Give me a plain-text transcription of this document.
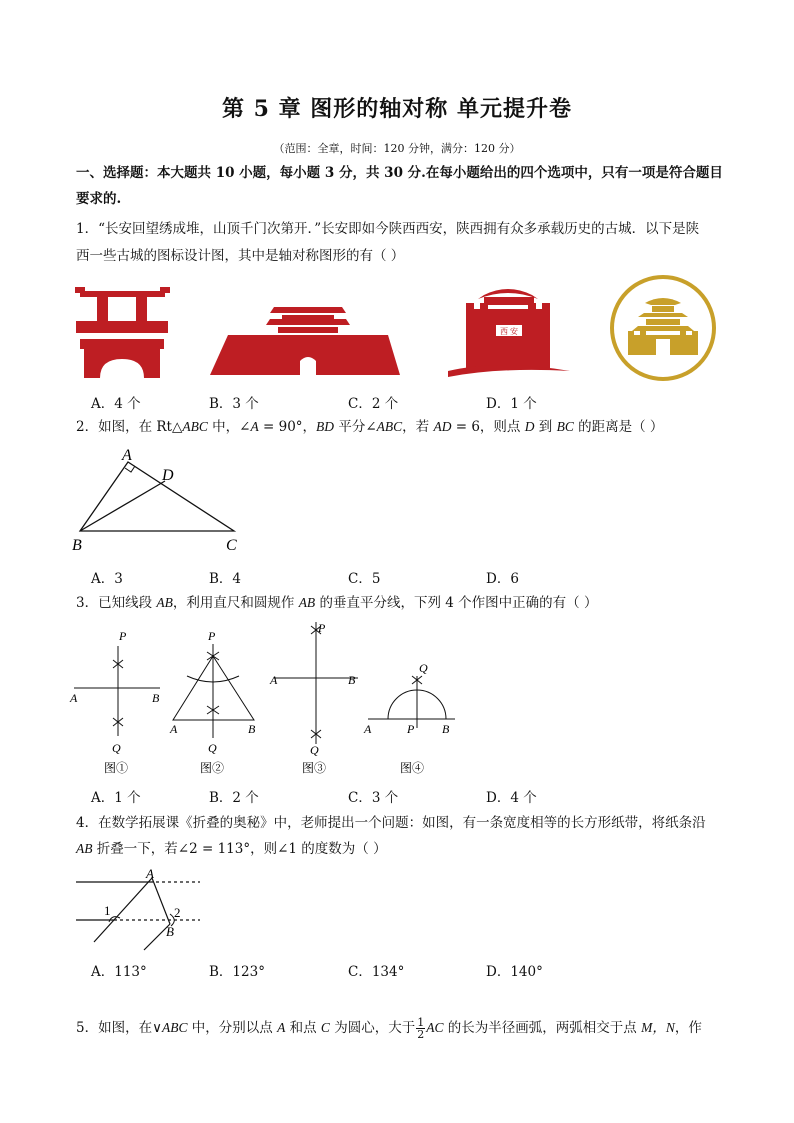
第 5 章 图形的轴对称 单元提升卷
（范围：全章，时间：120 分钟，满分：120 分）
一、选择题：本大题共 10 小题，每小题 3 分，共 30 分.在每小题给出的四个选项中，只有一项是符合题目
要求的.
1．“长安回望绣成堆，山顶千门次第开．”长安即如今陕西西安，陕西拥有众多承载历史的古城．以下是陕
西一些古城的图标设计图，其中是轴对称图形的有（ ）
西 安
A．4 个	B．3 个	C．2 个	D．1 个
2．如图，在 Rt△ABC 中，∠A = 90°，BD 平分∠ABC，若 AD = 6，则点 D 到 BC 的距离是（ ）
A
D
B	C
A．3	B．4	C．5	D．6
3．已知线段 AB，利用直尺和圆规作 AB 的垂直平分线，下列 4 个作图中正确的有（ ）
P
A	B
Q
P
A	B
Q
P
A	B
Q
Q
A	P B
图①	图②	图③	图④
A．1 个	B．2 个	C．3 个	D．4 个
4．在数学拓展课《折叠的奥秘》中，老师提出一个问题：如图，有一条宽度相等的长方形纸带，将纸条沿
AB 折叠一下，若∠2 = 113°，则∠1 的度数为（ ）
A
B
1	2
A．113°	B．123°	C．134°	D．140°
5．如图，在∨ABC 中，分别以点 A 和点 C 为圆心，大于 $\frac{1}{2}$ AC 的长为半径画弧，两弧相交于点 M，N，作
